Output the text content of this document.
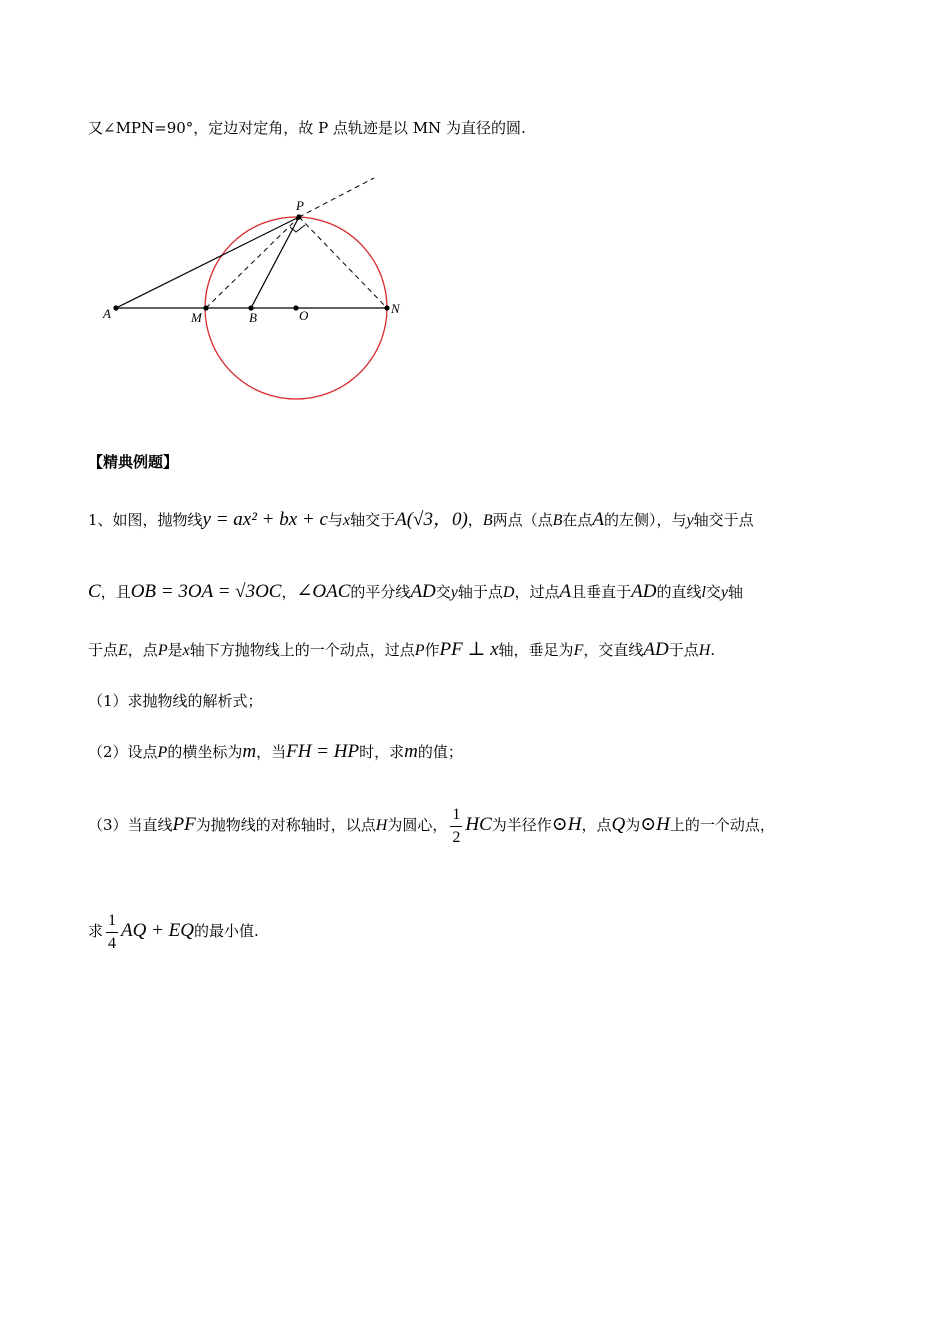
又∠MPN=90°，定边对定角，故 P 点轨迹是以 MN 为直径的圆.
A	M	B	O	N
P
【精典例题】
1、如图，抛物线y = ax² + bx + c与x轴交于A(√3，0)，B两点（点B在点A的左侧），与y轴交于点
C，且OB = 3OA = √3OC，∠OAC的平分线AD交y轴于点D，过点A且垂直于AD的直线l交y轴
于点E，点P是x轴下方抛物线上的一个动点，过点P作PF ⊥ x轴，垂足为F，交直线AD于点H.
（1）求抛物线的解析式；
（2）设点P的横坐标为m，当FH = HP时，求m的值；
（3）当直线PF为抛物线的对称轴时，以点H为圆心， $\frac{1}{2}$ HC为半径作⊙H，点Q为⊙H上的一个动点，
求 $\frac{1}{4}$ AQ + EQ的最小值.
